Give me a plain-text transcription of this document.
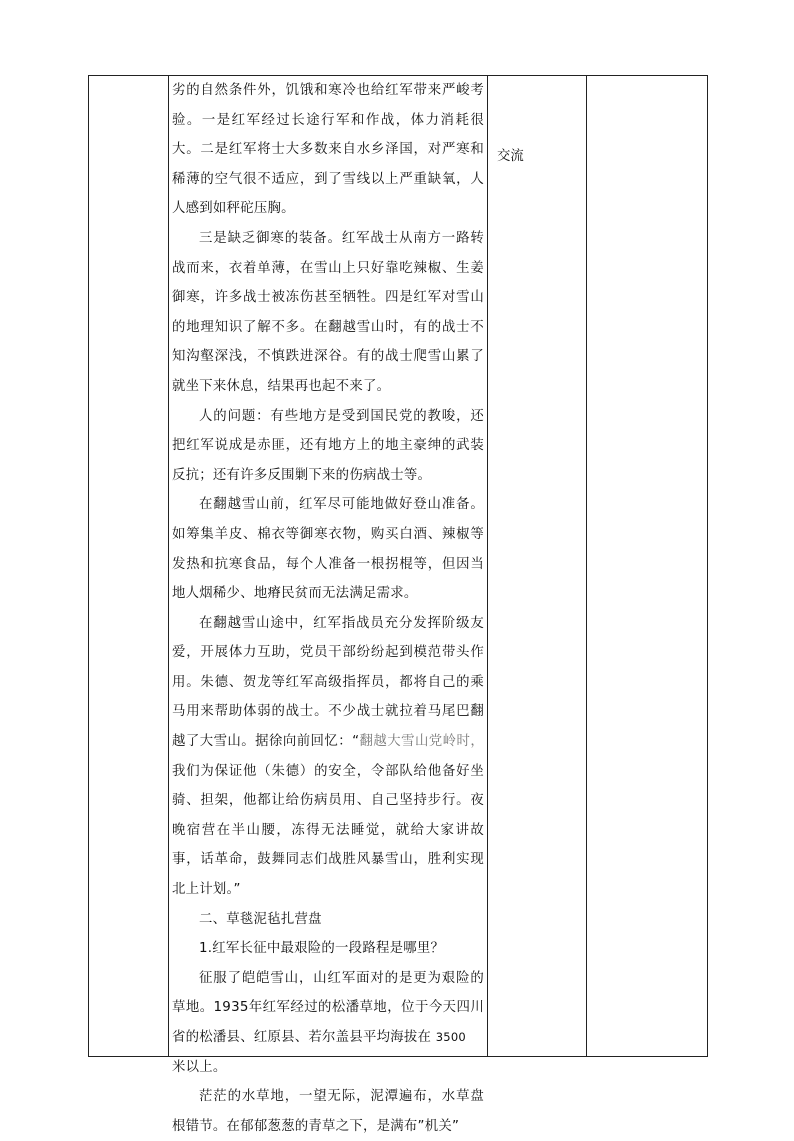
劣的自然条件外，饥饿和寒冷也给红军带来严峻考验。一是红军经过长途行军和作战，体力消耗很大。二是红军将士大多数来自水乡泽国，对严寒和稀薄的空气很不适应，到了雪线以上严重缺氧，人人感到如秤砣压胸。

三是缺乏御寒的装备。红军战士从南方一路转战而来，衣着单薄，在雪山上只好靠吃辣椒、生姜御寒，许多战士被冻伤甚至牺牲。四是红军对雪山的地理知识了解不多。在翻越雪山时，有的战士不知沟壑深浅，不慎跌进深谷。有的战士爬雪山累了就坐下来休息，结果再也起不来了。

人的问题：有些地方是受到国民党的教唆，还把红军说成是赤匪，还有地方上的地主豪绅的武装反抗；还有许多反围剿下来的伤病战士等。

在翻越雪山前，红军尽可能地做好登山准备。如筹集羊皮、棉衣等御寒衣物，购买白酒、辣椒等发热和抗寒食品，每个人准备一根拐棍等，但因当地人烟稀少、地瘠民贫而无法满足需求。

在翻越雪山途中，红军指战员充分发挥阶级友爱，开展体力互助，党员干部纷纷起到模范带头作用。朱德、贺龙等红军高级指挥员，都将自己的乘马用来帮助体弱的战士。不少战士就拉着马尾巴翻越了大雪山。据徐向前回忆：“翻越大雪山党岭时，我们为保证他（朱德）的安全，令部队给他备好坐骑、担架，他都让给伤病员用、自己坚持步行。夜晚宿营在半山腰，冻得无法睡觉，就给大家讲故事，话革命，鼓舞同志们战胜风暴雪山，胜利实现北上计划。”

二、草毯泥毡扎营盘

1.红军长征中最艰险的一段路程是哪里？

征服了皑皑雪山，山红军面对的是更为艰险的草地。1935年红军经过的松潘草地，位于今天四川省的松潘县、红原县、若尔盖县平均海拔在 3500
米以上。

茫茫的水草地，一望无际，泥潭遍布，水草盘根错节。在郁郁葱葱的青草之下，是满布”机关”

交流
